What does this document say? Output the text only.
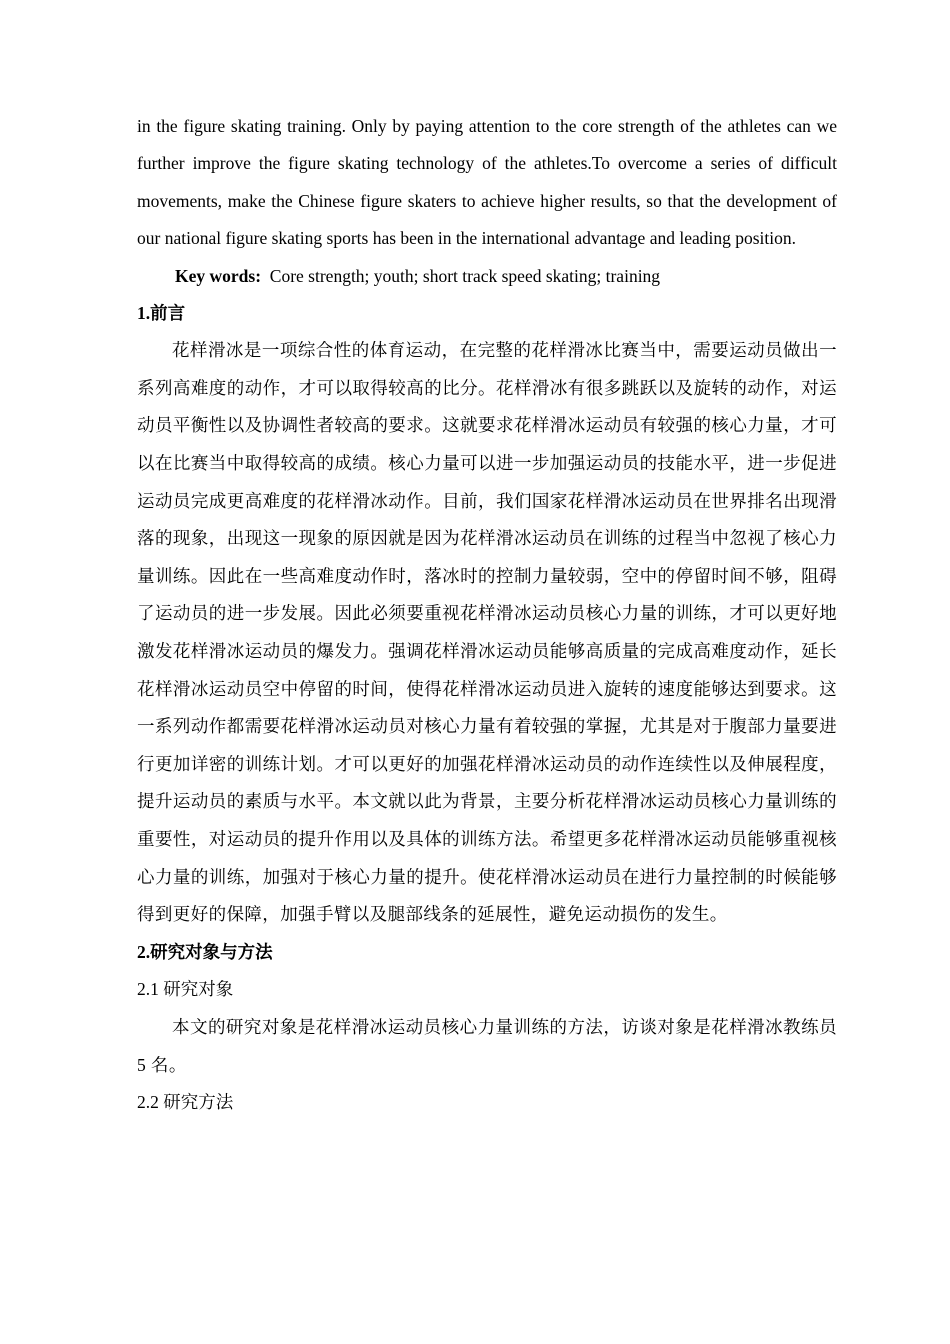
in the figure skating training. Only by paying attention to the core strength of the athletes can we further improve the figure skating technology of the athletes.To overcome a series of difficult movements, make the Chinese figure skaters to achieve higher results, so that the development of our national figure skating sports has been in the international advantage and leading position.

Key words: Core strength; youth; short track speed skating; training

1.前言

花样滑冰是一项综合性的体育运动，在完整的花样滑冰比赛当中，需要运动员做出一系列高难度的动作，才可以取得较高的比分。花样滑冰有很多跳跃以及旋转的动作，对运动员平衡性以及协调性者较高的要求。这就要求花样滑冰运动员有较强的核心力量，才可以在比赛当中取得较高的成绩。核心力量可以进一步加强运动员的技能水平，进一步促进运动员完成更高难度的花样滑冰动作。目前，我们国家花样滑冰运动员在世界排名出现滑落的现象，出现这一现象的原因就是因为花样滑冰运动员在训练的过程当中忽视了核心力量训练。因此在一些高难度动作时，落冰时的控制力量较弱，空中的停留时间不够，阻碍了运动员的进一步发展。因此必须要重视花样滑冰运动员核心力量的训练，才可以更好地激发花样滑冰运动员的爆发力。强调花样滑冰运动员能够高质量的完成高难度动作，延长花样滑冰运动员空中停留的时间，使得花样滑冰运动员进入旋转的速度能够达到要求。这一系列动作都需要花样滑冰运动员对核心力量有着较强的掌握，尤其是对于腹部力量要进行更加详密的训练计划。才可以更好的加强花样滑冰运动员的动作连续性以及伸展程度，提升运动员的素质与水平。本文就以此为背景，主要分析花样滑冰运动员核心力量训练的重要性，对运动员的提升作用以及具体的训练方法。希望更多花样滑冰运动员能够重视核心力量的训练，加强对于核心力量的提升。使花样滑冰运动员在进行力量控制的时候能够得到更好的保障，加强手臂以及腿部线条的延展性，避免运动损伤的发生。

2.研究对象与方法

2.1 研究对象

本文的研究对象是花样滑冰运动员核心力量训练的方法，访谈对象是花样滑冰教练员 5 名。

2.2 研究方法
